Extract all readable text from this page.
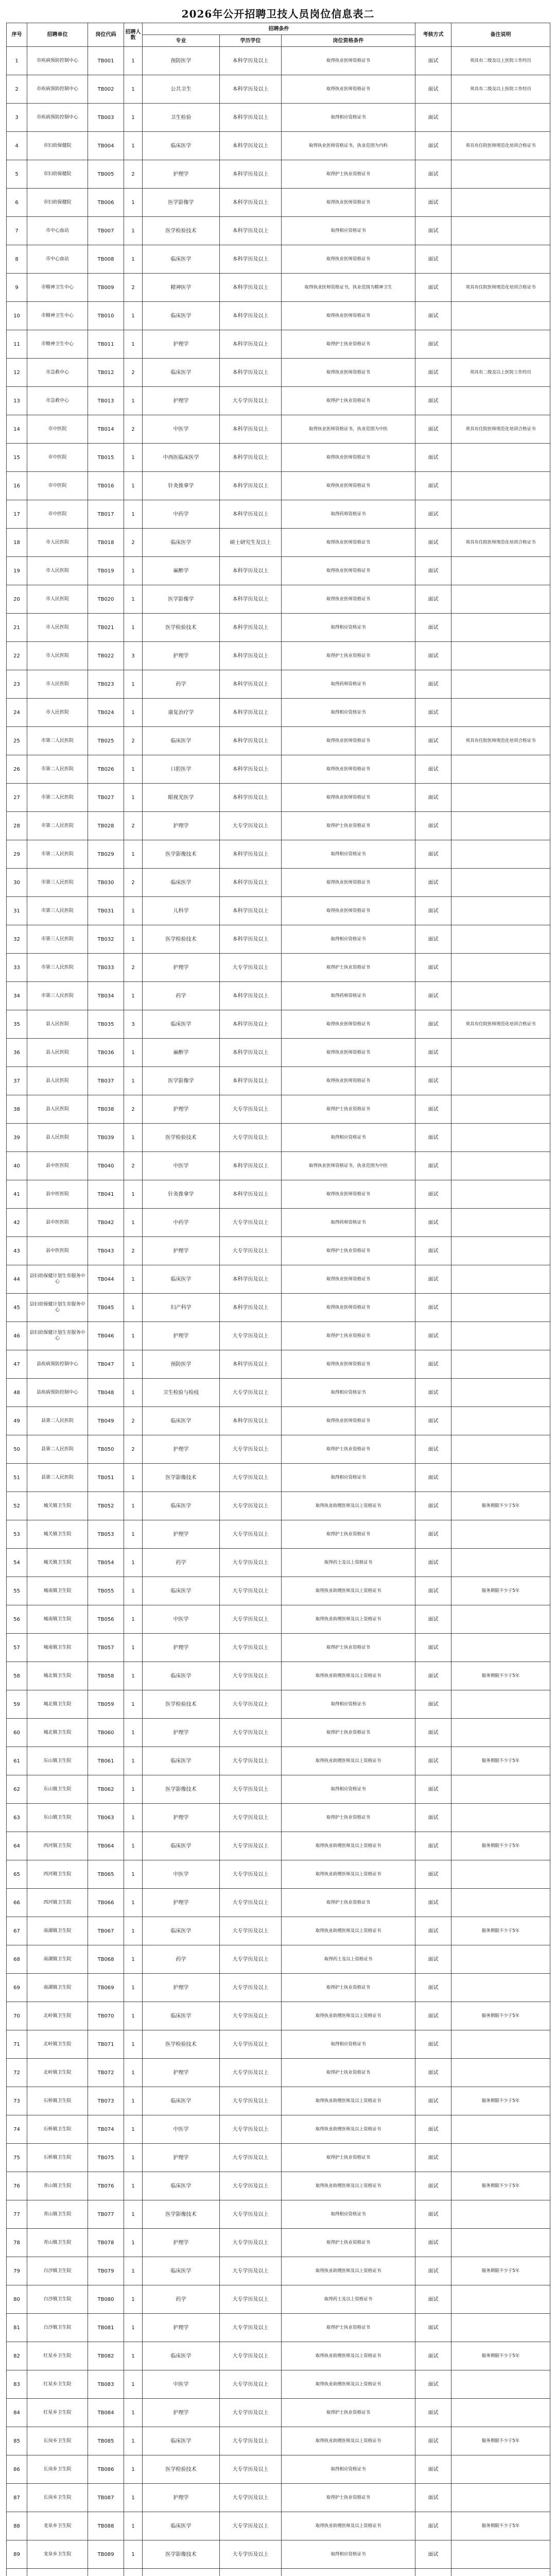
2026年公开招聘卫技人员岗位信息表二
序号	招聘单位	岗位代码	招聘人数	招聘条件			考核方式	备注说明
				专业	学历学位	岗位资格条件		
1	市疾病预防控制中心	TB001	1	预防医学	本科学历及以上	取得执业医师资格证书	面试	须具有二级及以上医院工作经历
2	市疾病预防控制中心	TB002	1	公共卫生	本科学历及以上	取得执业医师资格证书	面试	须具有二级及以上医院工作经历
3	市疾病预防控制中心	TB003	1	卫生检验	本科学历及以上	取得相应资格证书	面试	
4	市妇幼保健院	TB004	1	临床医学	本科学历及以上	取得执业医师资格证书，执业范围为内科	面试	须具有住院医师规范化培训合格证书
5	市妇幼保健院	TB005	2	护理学	本科学历及以上	取得护士执业资格证书	面试	
6	市妇幼保健院	TB006	1	医学影像学	本科学历及以上	取得执业医师资格证书	面试	
7	市中心血站	TB007	1	医学检验技术	本科学历及以上	取得相应资格证书	面试	
8	市中心血站	TB008	1	临床医学	本科学历及以上	取得执业医师资格证书	面试	
9	市精神卫生中心	TB009	2	精神医学	本科学历及以上	取得执业医师资格证书，执业范围为精神卫生	面试	须具有住院医师规范化培训合格证书
10	市精神卫生中心	TB010	1	临床医学	本科学历及以上	取得执业医师资格证书	面试	
11	市精神卫生中心	TB011	1	护理学	本科学历及以上	取得护士执业资格证书	面试	
12	市急救中心	TB012	2	临床医学	本科学历及以上	取得执业医师资格证书	面试	须具有二级及以上医院工作经历
13	市急救中心	TB013	1	护理学	大专学历及以上	取得护士执业资格证书	面试	
14	市中医院	TB014	2	中医学	本科学历及以上	取得执业医师资格证书，执业范围为中医	面试	须具有住院医师规范化培训合格证书
15	市中医院	TB015	1	中西医临床医学	本科学历及以上	取得执业医师资格证书	面试	
16	市中医院	TB016	1	针灸推拿学	本科学历及以上	取得执业医师资格证书	面试	
17	市中医院	TB017	1	中药学	本科学历及以上	取得药师资格证书	面试	
18	市人民医院	TB018	2	临床医学	硕士研究生及以上	取得执业医师资格证书	面试	须具有住院医师规范化培训合格证书
19	市人民医院	TB019	1	麻醉学	本科学历及以上	取得执业医师资格证书	面试	
20	市人民医院	TB020	1	医学影像学	本科学历及以上	取得执业医师资格证书	面试	
21	市人民医院	TB021	1	医学检验技术	本科学历及以上	取得相应资格证书	面试	
22	市人民医院	TB022	3	护理学	本科学历及以上	取得护士执业资格证书	面试	
23	市人民医院	TB023	1	药学	本科学历及以上	取得药师资格证书	面试	
24	市人民医院	TB024	1	康复治疗学	本科学历及以上	取得相应资格证书	面试	
25	市第二人民医院	TB025	2	临床医学	本科学历及以上	取得执业医师资格证书	面试	须具有住院医师规范化培训合格证书
26	市第二人民医院	TB026	1	口腔医学	本科学历及以上	取得执业医师资格证书	面试	
27	市第二人民医院	TB027	1	眼视光医学	本科学历及以上	取得执业医师资格证书	面试	
28	市第二人民医院	TB028	2	护理学	大专学历及以上	取得护士执业资格证书	面试	
29	市第二人民医院	TB029	1	医学影像技术	本科学历及以上	取得相应资格证书	面试	
30	市第三人民医院	TB030	2	临床医学	本科学历及以上	取得执业医师资格证书	面试	
31	市第三人民医院	TB031	1	儿科学	本科学历及以上	取得执业医师资格证书	面试	
32	市第三人民医院	TB032	1	医学检验技术	本科学历及以上	取得相应资格证书	面试	
33	市第三人民医院	TB033	2	护理学	大专学历及以上	取得护士执业资格证书	面试	
34	市第三人民医院	TB034	1	药学	本科学历及以上	取得药师资格证书	面试	
35	县人民医院	TB035	3	临床医学	本科学历及以上	取得执业医师资格证书	面试	须具有住院医师规范化培训合格证书
36	县人民医院	TB036	1	麻醉学	本科学历及以上	取得执业医师资格证书	面试	
37	县人民医院	TB037	1	医学影像学	本科学历及以上	取得执业医师资格证书	面试	
38	县人民医院	TB038	2	护理学	大专学历及以上	取得护士执业资格证书	面试	
39	县人民医院	TB039	1	医学检验技术	大专学历及以上	取得相应资格证书	面试	
40	县中医医院	TB040	2	中医学	本科学历及以上	取得执业医师资格证书，执业范围为中医	面试	
41	县中医医院	TB041	1	针灸推拿学	本科学历及以上	取得执业医师资格证书	面试	
42	县中医医院	TB042	1	中药学	大专学历及以上	取得药师资格证书	面试	
43	县中医医院	TB043	2	护理学	大专学历及以上	取得护士执业资格证书	面试	
44	县妇幼保健计划生育服务中心	TB044	1	临床医学	本科学历及以上	取得执业医师资格证书	面试	
45	县妇幼保健计划生育服务中心	TB045	1	妇产科学	本科学历及以上	取得执业医师资格证书	面试	
46	县妇幼保健计划生育服务中心	TB046	1	护理学	大专学历及以上	取得护士执业资格证书	面试	
47	县疾病预防控制中心	TB047	1	预防医学	本科学历及以上	取得执业医师资格证书	面试	
48	县疾病预防控制中心	TB048	1	卫生检验与检疫	大专学历及以上	取得相应资格证书	面试	
49	县第二人民医院	TB049	2	临床医学	本科学历及以上	取得执业医师资格证书	面试	
50	县第二人民医院	TB050	2	护理学	大专学历及以上	取得护士执业资格证书	面试	
51	县第二人民医院	TB051	1	医学影像技术	大专学历及以上	取得相应资格证书	面试	
52	城关镇卫生院	TB052	1	临床医学	大专学历及以上	取得执业助理医师及以上资格证书	面试	服务期限不少于5年
53	城关镇卫生院	TB053	1	护理学	大专学历及以上	取得护士执业资格证书	面试	
54	城关镇卫生院	TB054	1	药学	大专学历及以上	取得药士及以上资格证书	面试	
55	城南镇卫生院	TB055	1	临床医学	大专学历及以上	取得执业助理医师及以上资格证书	面试	服务期限不少于5年
56	城南镇卫生院	TB056	1	中医学	大专学历及以上	取得执业助理医师及以上资格证书	面试	
57	城南镇卫生院	TB057	1	护理学	大专学历及以上	取得护士执业资格证书	面试	
58	城北镇卫生院	TB058	1	临床医学	大专学历及以上	取得执业助理医师及以上资格证书	面试	服务期限不少于5年
59	城北镇卫生院	TB059	1	医学检验技术	大专学历及以上	取得相应资格证书	面试	
60	城北镇卫生院	TB060	1	护理学	大专学历及以上	取得护士执业资格证书	面试	
61	东山镇卫生院	TB061	1	临床医学	大专学历及以上	取得执业助理医师及以上资格证书	面试	服务期限不少于5年
62	东山镇卫生院	TB062	1	医学影像技术	大专学历及以上	取得相应资格证书	面试	
63	东山镇卫生院	TB063	1	护理学	大专学历及以上	取得护士执业资格证书	面试	
64	西河镇卫生院	TB064	1	临床医学	大专学历及以上	取得执业助理医师及以上资格证书	面试	服务期限不少于5年
65	西河镇卫生院	TB065	1	中医学	大专学历及以上	取得执业助理医师及以上资格证书	面试	
66	西河镇卫生院	TB066	1	护理学	大专学历及以上	取得护士执业资格证书	面试	
67	南湖镇卫生院	TB067	1	临床医学	大专学历及以上	取得执业助理医师及以上资格证书	面试	服务期限不少于5年
68	南湖镇卫生院	TB068	1	药学	大专学历及以上	取得药士及以上资格证书	面试	
69	南湖镇卫生院	TB069	1	护理学	大专学历及以上	取得护士执业资格证书	面试	
70	北岭镇卫生院	TB070	1	临床医学	大专学历及以上	取得执业助理医师及以上资格证书	面试	服务期限不少于5年
71	北岭镇卫生院	TB071	1	医学检验技术	大专学历及以上	取得相应资格证书	面试	
72	北岭镇卫生院	TB072	1	护理学	大专学历及以上	取得护士执业资格证书	面试	
73	石桥镇卫生院	TB073	1	临床医学	大专学历及以上	取得执业助理医师及以上资格证书	面试	服务期限不少于5年
74	石桥镇卫生院	TB074	1	中医学	大专学历及以上	取得执业助理医师及以上资格证书	面试	
75	石桥镇卫生院	TB075	1	护理学	大专学历及以上	取得护士执业资格证书	面试	
76	青山镇卫生院	TB076	1	临床医学	大专学历及以上	取得执业助理医师及以上资格证书	面试	服务期限不少于5年
77	青山镇卫生院	TB077	1	医学影像技术	大专学历及以上	取得相应资格证书	面试	
78	青山镇卫生院	TB078	1	护理学	大专学历及以上	取得护士执业资格证书	面试	
79	白沙镇卫生院	TB079	1	临床医学	大专学历及以上	取得执业助理医师及以上资格证书	面试	服务期限不少于5年
80	白沙镇卫生院	TB080	1	药学	大专学历及以上	取得药士及以上资格证书	面试	
81	白沙镇卫生院	TB081	1	护理学	大专学历及以上	取得护士执业资格证书	面试	
82	红星乡卫生院	TB082	1	临床医学	大专学历及以上	取得执业助理医师及以上资格证书	面试	服务期限不少于5年
83	红星乡卫生院	TB083	1	中医学	大专学历及以上	取得执业助理医师及以上资格证书	面试	
84	红星乡卫生院	TB084	1	护理学	大专学历及以上	取得护士执业资格证书	面试	
85	长岗乡卫生院	TB085	1	临床医学	大专学历及以上	取得执业助理医师及以上资格证书	面试	服务期限不少于5年
86	长岗乡卫生院	TB086	1	医学检验技术	大专学历及以上	取得相应资格证书	面试	
87	长岗乡卫生院	TB087	1	护理学	大专学历及以上	取得护士执业资格证书	面试	
88	龙泉乡卫生院	TB088	1	临床医学	大专学历及以上	取得执业助理医师及以上资格证书	面试	服务期限不少于5年
89	龙泉乡卫生院	TB089	1	医学影像技术	大专学历及以上	取得相应资格证书	面试	
